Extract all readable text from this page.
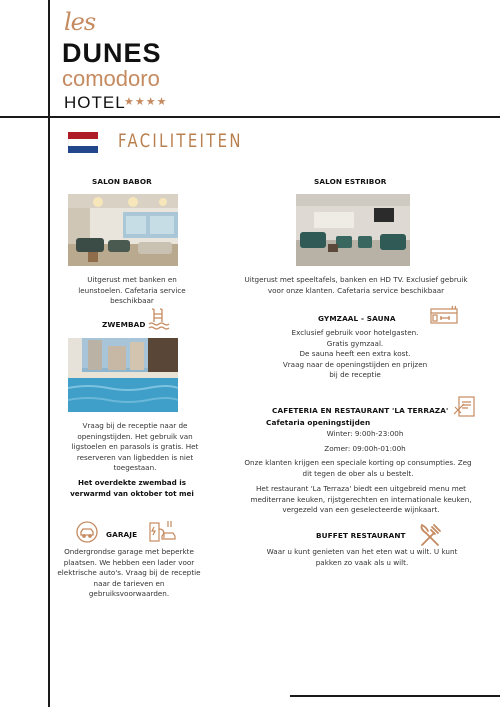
les
DUNES
comodoro
HOTEL
★★★★
FACILITEITEN
SALON BABOR
Uitgerust met banken en leunstoelen. Cafetaria service beschikbaar
SALON ESTRIBOR
Uitgerust met speeltafels, banken en HD TV. Exclusief gebruik voor onze klanten. Cafetaria service beschikbaar
ZWEMBAD
Vraag bij de receptie naar de openingstijden. Het gebruik van ligstoelen en parasols is gratis. Het reserveren van ligbedden is niet toegestaan.
Het overdekte zwembad is verwarmd van oktober tot mei
GYMZAAL - SAUNA
Exclusief gebruik voor hotelgasten.
Gratis gymzaal.
De sauna heeft een extra kost.
Vraag naar de openingstijden en prijzen
bij de receptie
CAFETERIA EN RESTAURANT 'LA TERRAZA'
Cafetaria openingstijden
Winter: 9:00h-23:00h
Zomer: 09:00h-01:00h
Onze klanten krijgen een speciale korting op consumpties. Zeg dit tegen de ober als u bestelt.
Het restaurant 'La Terraza' biedt een uitgebreid menu met mediterrane keuken, rijstgerechten en internationale keuken, vergezeld van een geselecteerde wijnkaart.
GARAJE
Ondergrondse garage met beperkte plaatsen. We hebben een lader voor elektrische auto's. Vraag bij de receptie naar de tarieven en gebruiksvoorwaarden.
BUFFET RESTAURANT
Waar u kunt genieten van het eten wat u wilt. U kunt pakken zo vaak als u wilt.
